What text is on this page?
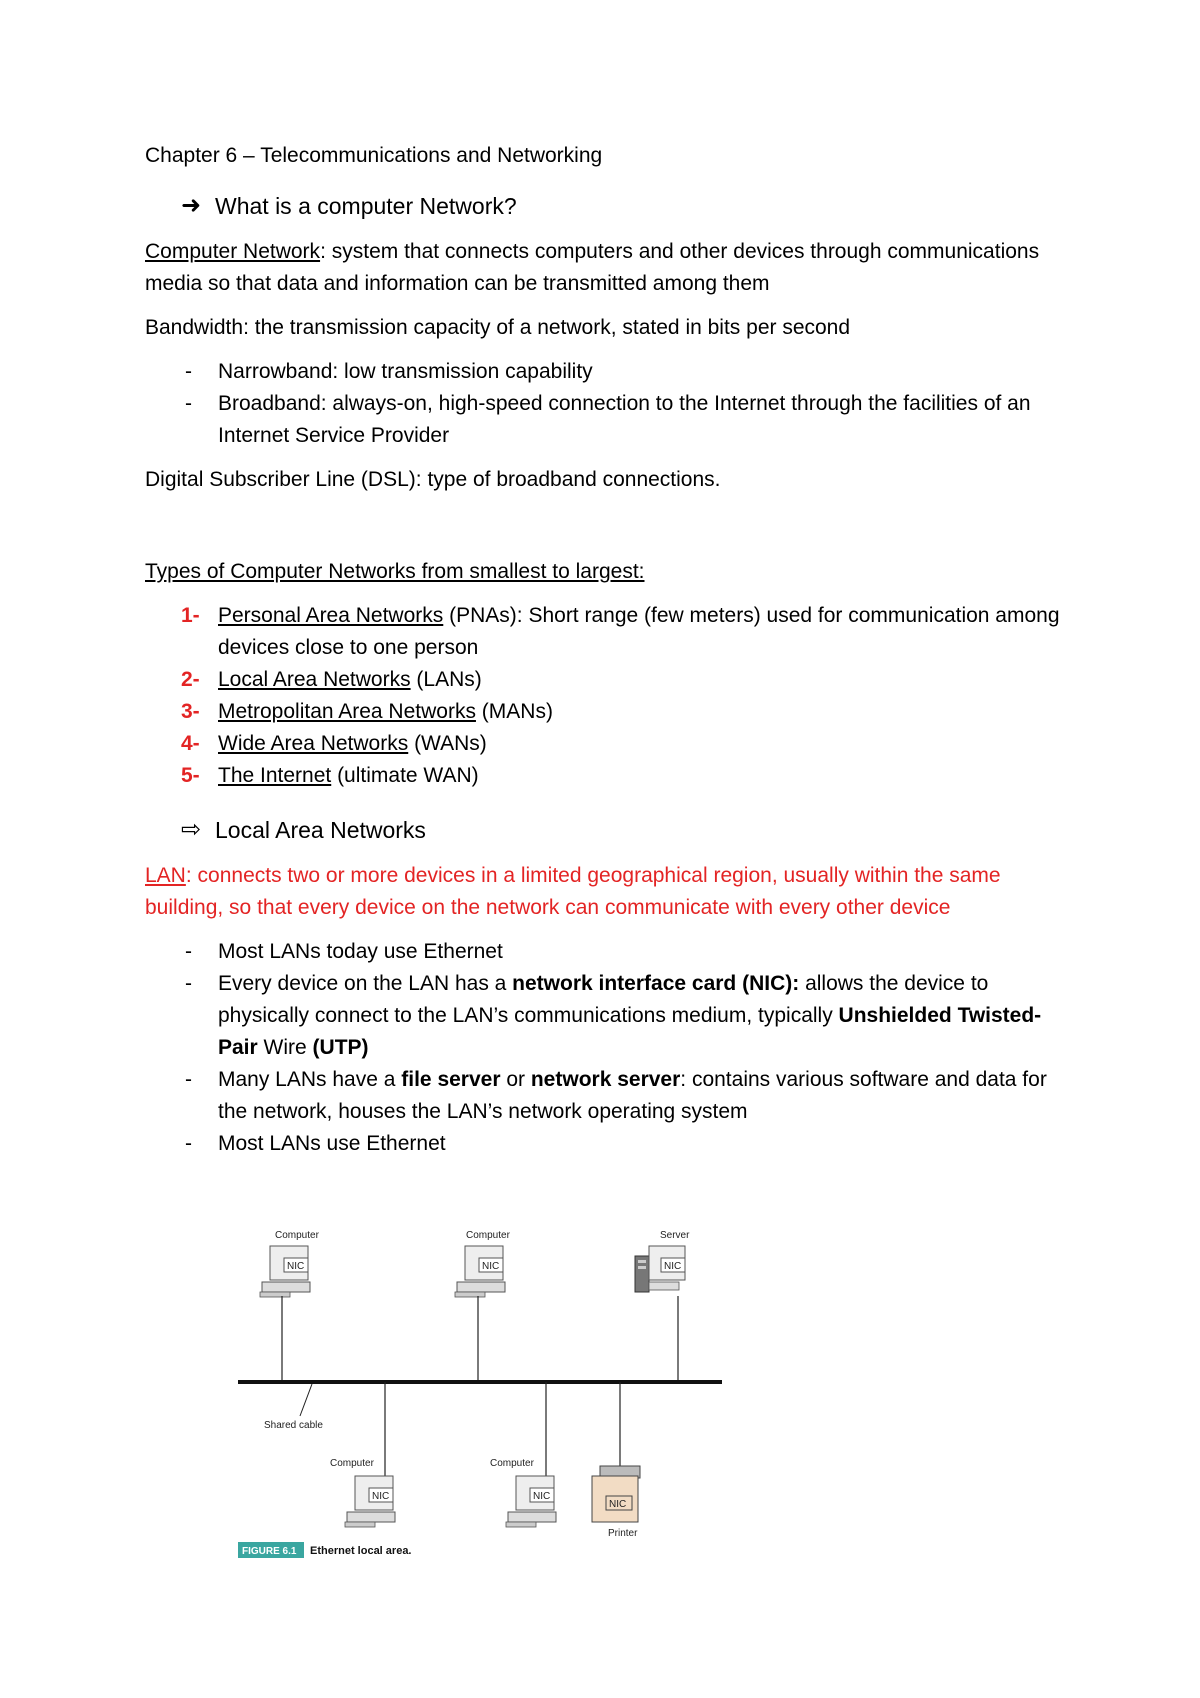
Chapter 6 – Telecommunications and Networking

➜ What is a computer Network?

Computer Network: system that connects computers and other devices through communications media so that data and information can be transmitted among them

Bandwidth: the transmission capacity of a network, stated in bits per second

- Narrowband: low transmission capability
- Broadband: always-on, high-speed connection to the Internet through the facilities of an Internet Service Provider

Digital Subscriber Line (DSL): type of broadband connections.

Types of Computer Networks from smallest to largest:

1- Personal Area Networks (PNAs): Short range (few meters) used for communication among devices close to one person
2- Local Area Networks (LANs)
3- Metropolitan Area Networks (MANs)
4- Wide Area Networks (WANs)
5- The Internet (ultimate WAN)
⇨ Local Area Networks

LAN: connects two or more devices in a limited geographical region, usually within the same building, so that every device on the network can communicate with every other device

- Most LANs today use Ethernet
- Every device on the LAN has a network interface card (NIC): allows the device to physically connect to the LAN’s communications medium, typically Unshielded Twisted-Pair Wire (UTP)
- Many LANs have a file server or network server: contains various software and data for the network, houses the LAN’s network operating system
- Most LANs use Ethernet
Computer	Computer	Server
NIC	NIC	NIC
Shared cable
Computer	Computer
NIC	NIC
NIC
Printer
FIGURE 6.1 Ethernet local area.
